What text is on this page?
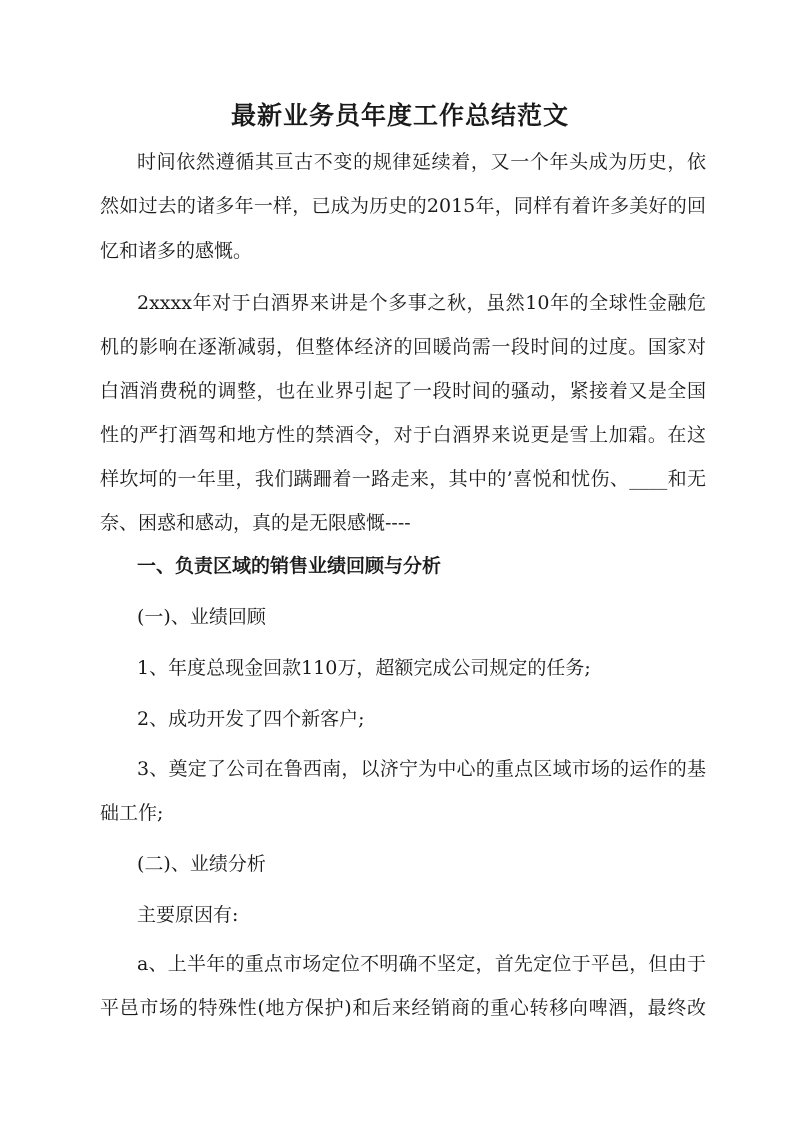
最新业务员年度工作总结范文

时间依然遵循其亘古不变的规律延续着，又一个年头成为历史，依

然如过去的诸多年一样，已成为历史的2015年，同样有着许多美好的回

忆和诸多的感慨。

2xxxx年对于白酒界来讲是个多事之秋，虽然10年的全球性金融危

机的影响在逐渐减弱，但整体经济的回暖尚需一段时间的过度。国家对

白酒消费税的调整，也在业界引起了一段时间的骚动，紧接着又是全国

性的严打酒驾和地方性的禁酒令，对于白酒界来说更是雪上加霜。在这

样坎坷的一年里，我们蹒跚着一路走来，其中的’喜悦和忧伤、____和无

奈、困惑和感动，真的是无限感慨----

一、负责区域的销售业绩回顾与分析

(一)、业绩回顾

1、年度总现金回款110万，超额完成公司规定的任务;

2、成功开发了四个新客户;

3、奠定了公司在鲁西南，以济宁为中心的重点区域市场的运作的基

础工作;

(二)、业绩分析

主要原因有:

a、上半年的重点市场定位不明确不坚定，首先定位于平邑，但由于

平邑市场的特殊性(地方保护)和后来经销商的重心转移向啤酒，最终改
